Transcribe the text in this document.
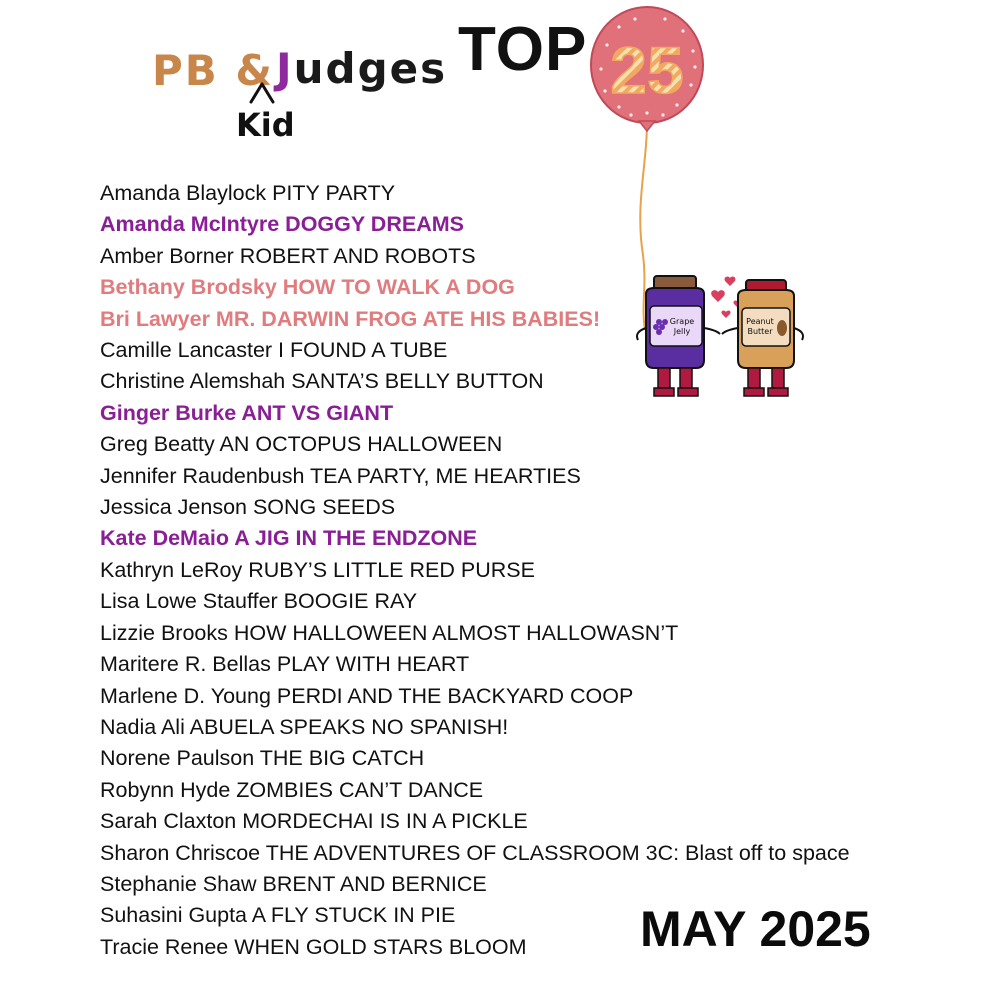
PB & Judges
Kid
TOP 25
Grape
Jelly
Peanut
Butter
Amanda Blaylock PITY PARTY
Amanda McIntyre DOGGY DREAMS
Amber Borner ROBERT AND ROBOTS
Bethany Brodsky HOW TO WALK A DOG
Bri Lawyer MR. DARWIN FROG ATE HIS BABIES!
Camille Lancaster I FOUND A TUBE
Christine Alemshah SANTA’S BELLY BUTTON
Ginger Burke ANT VS GIANT
Greg Beatty AN OCTOPUS HALLOWEEN
Jennifer Raudenbush TEA PARTY, ME HEARTIES
Jessica Jenson SONG SEEDS
Kate DeMaio A JIG IN THE ENDZONE
Kathryn LeRoy RUBY’S LITTLE RED PURSE
Lisa Lowe Stauffer BOOGIE RAY
Lizzie Brooks HOW HALLOWEEN ALMOST HALLOWASN’T
Maritere R. Bellas PLAY WITH HEART
Marlene D. Young PERDI AND THE BACKYARD COOP
Nadia Ali ABUELA SPEAKS NO SPANISH!
Norene Paulson THE BIG CATCH
Robynn Hyde ZOMBIES CAN’T DANCE
Sarah Claxton MORDECHAI IS IN A PICKLE
Sharon Chriscoe THE ADVENTURES OF CLASSROOM 3C: Blast off to space
Stephanie Shaw BRENT AND BERNICE
Suhasini Gupta A FLY STUCK IN PIE
Tracie Renee WHEN GOLD STARS BLOOM	MAY 2025
